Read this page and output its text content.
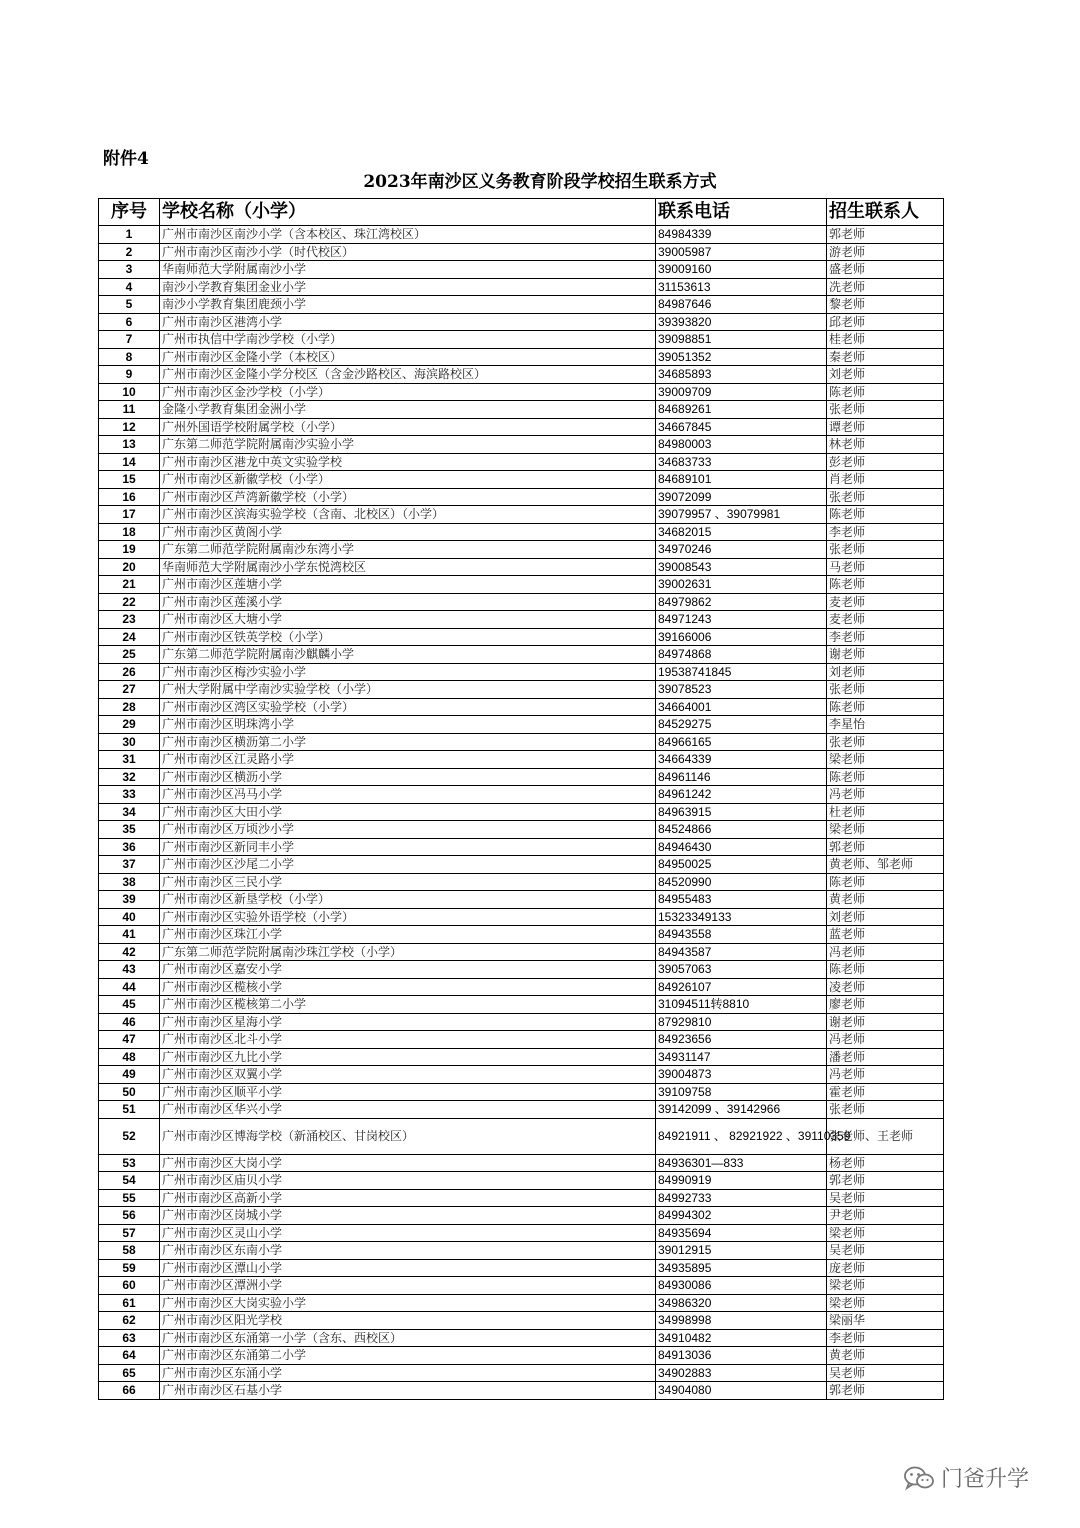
附件4
2023年南沙区义务教育阶段学校招生联系方式
序号	学校名称（小学）	联系电话	招生联系人
1	广州市南沙区南沙小学（含本校区、珠江湾校区）	84984339	郭老师
2	广州市南沙区南沙小学（时代校区）	39005987	游老师
3	华南师范大学附属南沙小学	39009160	盛老师
4	南沙小学教育集团金业小学	31153613	冼老师
5	南沙小学教育集团鹿颈小学	84987646	黎老师
6	广州市南沙区港湾小学	39393820	邱老师
7	广州市执信中学南沙学校（小学）	39098851	桂老师
8	广州市南沙区金隆小学（本校区）	39051352	秦老师
9	广州市南沙区金隆小学分校区（含金沙路校区、海滨路校区）	34685893	刘老师
10	广州市南沙区金沙学校（小学）	39009709	陈老师
11	金隆小学教育集团金洲小学	84689261	张老师
12	广州外国语学校附属学校（小学）	34667845	谭老师
13	广东第二师范学院附属南沙实验小学	84980003	林老师
14	广州市南沙区港龙中英文实验学校	34683733	彭老师
15	广州市南沙区新徽学校（小学）	84689101	肖老师
16	广州市南沙区芦湾新徽学校（小学）	39072099	张老师
17	广州市南沙区滨海实验学校（含南、北校区）（小学）	39079957 、39079981	陈老师
18	广州市南沙区黄阁小学	34682015	李老师
19	广东第二师范学院附属南沙东湾小学	34970246	张老师
20	华南师范大学附属南沙小学东悦湾校区	39008543	马老师
21	广州市南沙区莲塘小学	39002631	陈老师
22	广州市南沙区莲溪小学	84979862	麦老师
23	广州市南沙区大塘小学	84971243	麦老师
24	广州市南沙区铁英学校（小学）	39166006	李老师
25	广东第二师范学院附属南沙麒麟小学	84974868	谢老师
26	广州市南沙区梅沙实验小学	19538741845	刘老师
27	广州大学附属中学南沙实验学校（小学）	39078523	张老师
28	广州市南沙区湾区实验学校（小学）	34664001	陈老师
29	广州市南沙区明珠湾小学	84529275	李星怡
30	广州市南沙区横沥第二小学	84966165	张老师
31	广州市南沙区江灵路小学	34664339	梁老师
32	广州市南沙区横沥小学	84961146	陈老师
33	广州市南沙区冯马小学	84961242	冯老师
34	广州市南沙区大田小学	84963915	杜老师
35	广州市南沙区万顷沙小学	84524866	梁老师
36	广州市南沙区新同丰小学	84946430	郭老师
37	广州市南沙区沙尾二小学	84950025	黄老师、邹老师
38	广州市南沙区三民小学	84520990	陈老师
39	广州市南沙区新垦学校（小学）	84955483	黄老师
40	广州市南沙区实验外语学校（小学）	15323349133	刘老师
41	广州市南沙区珠江小学	84943558	蓝老师
42	广东第二师范学院附属南沙珠江学校（小学）	84943587	冯老师
43	广州市南沙区嘉安小学	39057063	陈老师
44	广州市南沙区榄核小学	84926107	凌老师
45	广州市南沙区榄核第二小学	31094511转8810	廖老师
46	广州市南沙区星海小学	87929810	谢老师
47	广州市南沙区北斗小学	84923656	冯老师
48	广州市南沙区九比小学	34931147	潘老师
49	广州市南沙区双翼小学	39004873	冯老师
50	广州市南沙区顺平小学	39109758	霍老师
51	广州市南沙区华兴小学	39142099 、39142966	张老师
52	广州市南沙区博海学校（新涌校区、甘岗校区）	84921911 、 82921922 、39110359	张老师、王老师
53	广州市南沙区大岗小学	84936301—833	杨老师
54	广州市南沙区庙贝小学	84990919	郭老师
55	广州市南沙区高新小学	84992733	吴老师
56	广州市南沙区岗城小学	84994302	尹老师
57	广州市南沙区灵山小学	84935694	梁老师
58	广州市南沙区东南小学	39012915	吴老师
59	广州市南沙区潭山小学	34935895	庞老师
60	广州市南沙区潭洲小学	84930086	梁老师
61	广州市南沙区大岗实验小学	34986320	梁老师
62	广州市南沙区阳光学校	34998998	梁丽华
63	广州市南沙区东涌第一小学（含东、西校区）	34910482	李老师
64	广州市南沙区东涌第二小学	84913036	黄老师
65	广州市南沙区东涌小学	34902883	吴老师
66	广州市南沙区石基小学	34904080	郭老师
门爸升学
